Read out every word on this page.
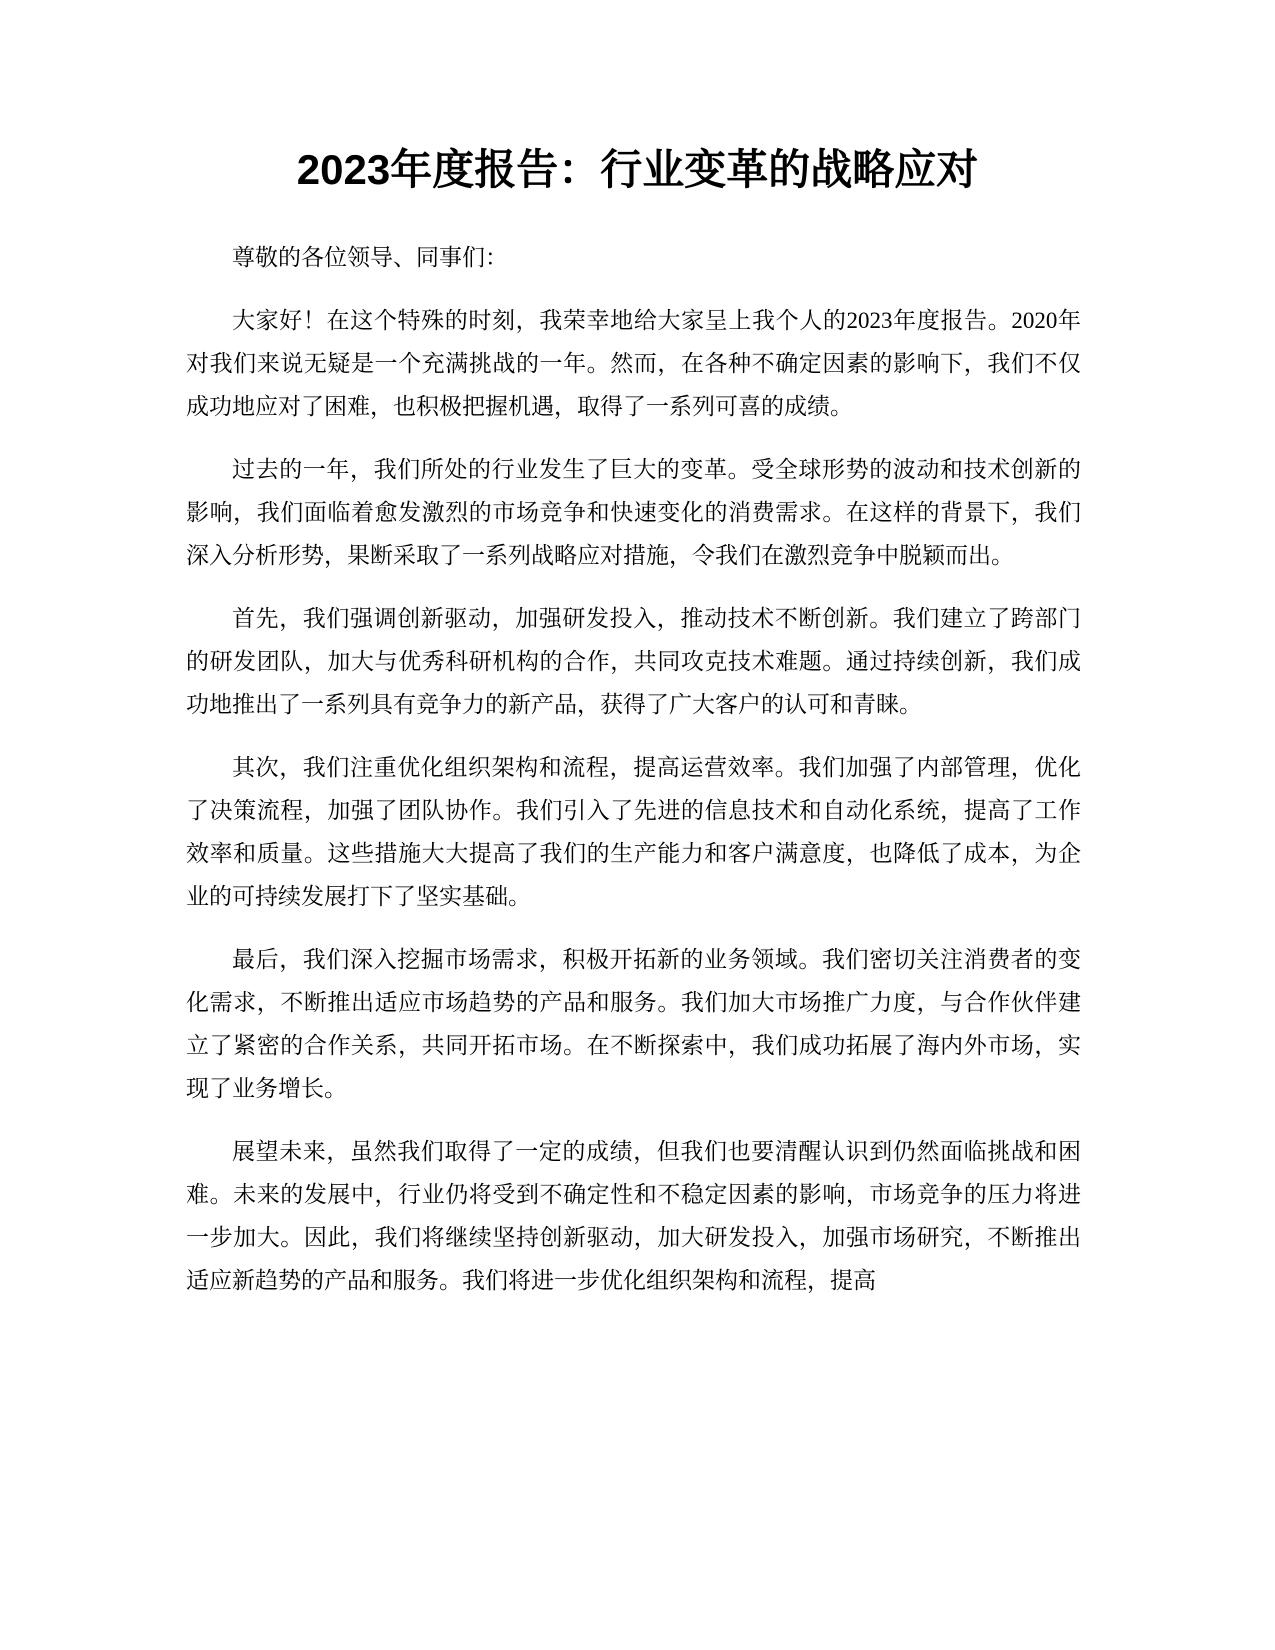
2023年度报告：行业变革的战略应对

尊敬的各位领导、同事们：

大家好！在这个特殊的时刻，我荣幸地给大家呈上我个人的2023年度报告。2020年对我们来说无疑是一个充满挑战的一年。然而，在各种不确定因素的影响下，我们不仅成功地应对了困难，也积极把握机遇，取得了一系列可喜的成绩。

过去的一年，我们所处的行业发生了巨大的变革。受全球形势的波动和技术创新的影响，我们面临着愈发激烈的市场竞争和快速变化的消费需求。在这样的背景下，我们深入分析形势，果断采取了一系列战略应对措施，令我们在激烈竞争中脱颖而出。

首先，我们强调创新驱动，加强研发投入，推动技术不断创新。我们建立了跨部门的研发团队，加大与优秀科研机构的合作，共同攻克技术难题。通过持续创新，我们成功地推出了一系列具有竞争力的新产品，获得了广大客户的认可和青睐。

其次，我们注重优化组织架构和流程，提高运营效率。我们加强了内部管理，优化了决策流程，加强了团队协作。我们引入了先进的信息技术和自动化系统，提高了工作效率和质量。这些措施大大提高了我们的生产能力和客户满意度，也降低了成本，为企业的可持续发展打下了坚实基础。

最后，我们深入挖掘市场需求，积极开拓新的业务领域。我们密切关注消费者的变化需求，不断推出适应市场趋势的产品和服务。我们加大市场推广力度，与合作伙伴建立了紧密的合作关系，共同开拓市场。在不断探索中，我们成功拓展了海内外市场，实现了业务增长。

展望未来，虽然我们取得了一定的成绩，但我们也要清醒认识到仍然面临挑战和困难。未来的发展中，行业仍将受到不确定性和不稳定因素的影响，市场竞争的压力将进一步加大。因此，我们将继续坚持创新驱动，加大研发投入，加强市场研究，不断推出适应新趋势的产品和服务。我们将进一步优化组织架构和流程，提高
